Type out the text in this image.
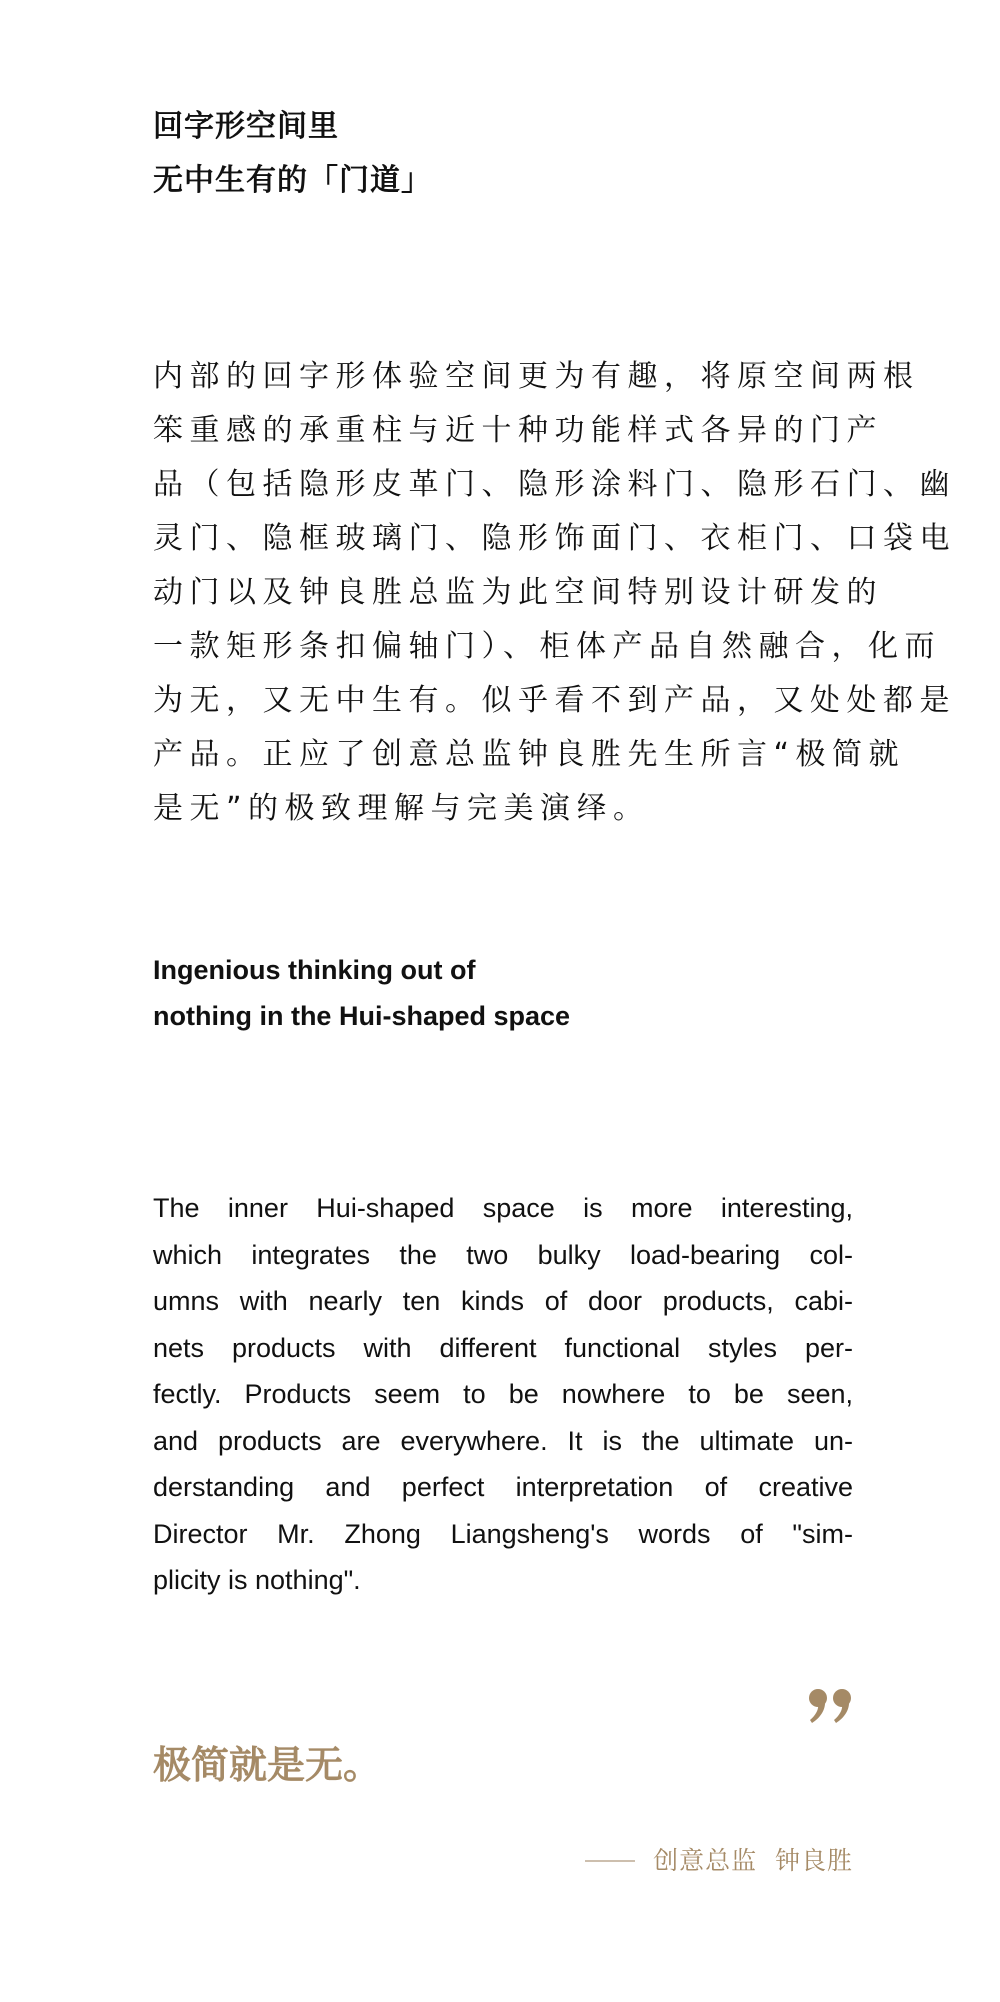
回字形空间里
无中生有的「门道」

内部的回字形体验空间更为有趣，将原空间两根
笨重感的承重柱与近十种功能样式各异的门产
品（包括隐形皮革门、隐形涂料门、隐形石门、幽
灵门、隐框玻璃门、隐形饰面门、衣柜门、口袋电
动门以及钟良胜总监为此空间特别设计研发的
一款矩形条扣偏轴门）、柜体产品自然融合，化而
为无，又无中生有。似乎看不到产品，又处处都是
产品。正应了创意总监钟良胜先生所言“极简就
是无”的极致理解与完美演绎。

Ingenious thinking out of
nothing in the Hui-shaped space

The inner Hui-shaped space is more interesting,
which integrates the two bulky load-bearing col-
umns with nearly ten kinds of door products, cabi-
nets products with different functional styles per-
fectly. Products seem to be nowhere to be seen,
and products are everywhere. It is the ultimate un-
derstanding and perfect interpretation of creative
Director Mr. Zhong Liangsheng's words of "sim-
plicity is nothing".

极简就是无。

创意总监  钟良胜
